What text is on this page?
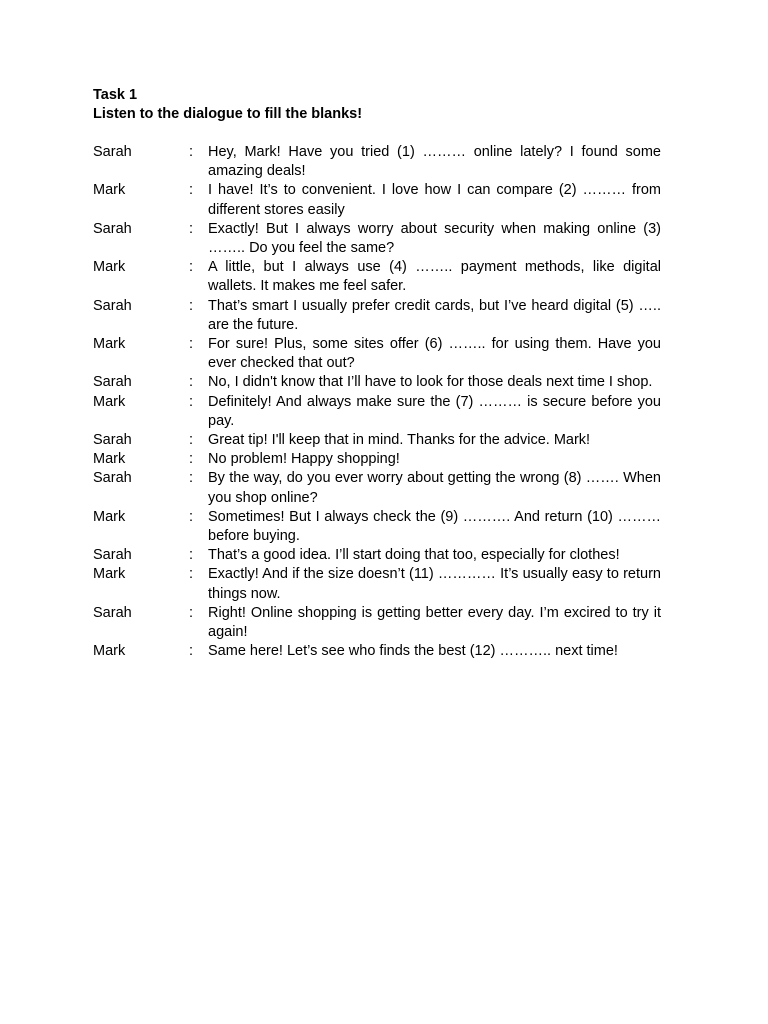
Task 1

Listen to the dialogue to fill the blanks!

Sarah	:	Hey, Mark! Have you tried (1) ……… online lately? I found some amazing deals!
Mark	:	I have! It’s to convenient. I love how I can compare (2) ……… from different stores easily
Sarah	:	Exactly! But I always worry about security when making online (3) …….. Do you feel the same?
Mark	:	A little, but I always use (4) …….. payment methods, like digital wallets. It makes me feel safer.
Sarah	:	That’s smart I usually prefer credit cards, but I’ve heard digital (5) ….. are the future.
Mark	:	For sure! Plus, some sites offer (6) …….. for using them. Have you ever checked that out?
Sarah	:	No, I didn't know that I’ll have to look for those deals next time I shop.
Mark	:	Definitely! And always make sure the (7) ……… is secure before you pay.
Sarah	:	Great tip! I'll keep that in mind. Thanks for the advice. Mark!
Mark	:	No problem! Happy shopping!
Sarah	:	By the way, do you ever worry about getting the wrong (8) ……. When you shop online?
Mark	:	Sometimes! But I always check the (9) ………. And return (10) ……… before buying.
Sarah	:	That’s a good idea. I’ll start doing that too, especially for clothes!
Mark	:	Exactly! And if the size doesn’t (11) ………… It’s usually easy to return things now.
Sarah	:	Right! Online shopping is getting better every day. I’m excired to try it again!
Mark	:	Same here! Let’s see who finds the best (12) ……….. next time!
